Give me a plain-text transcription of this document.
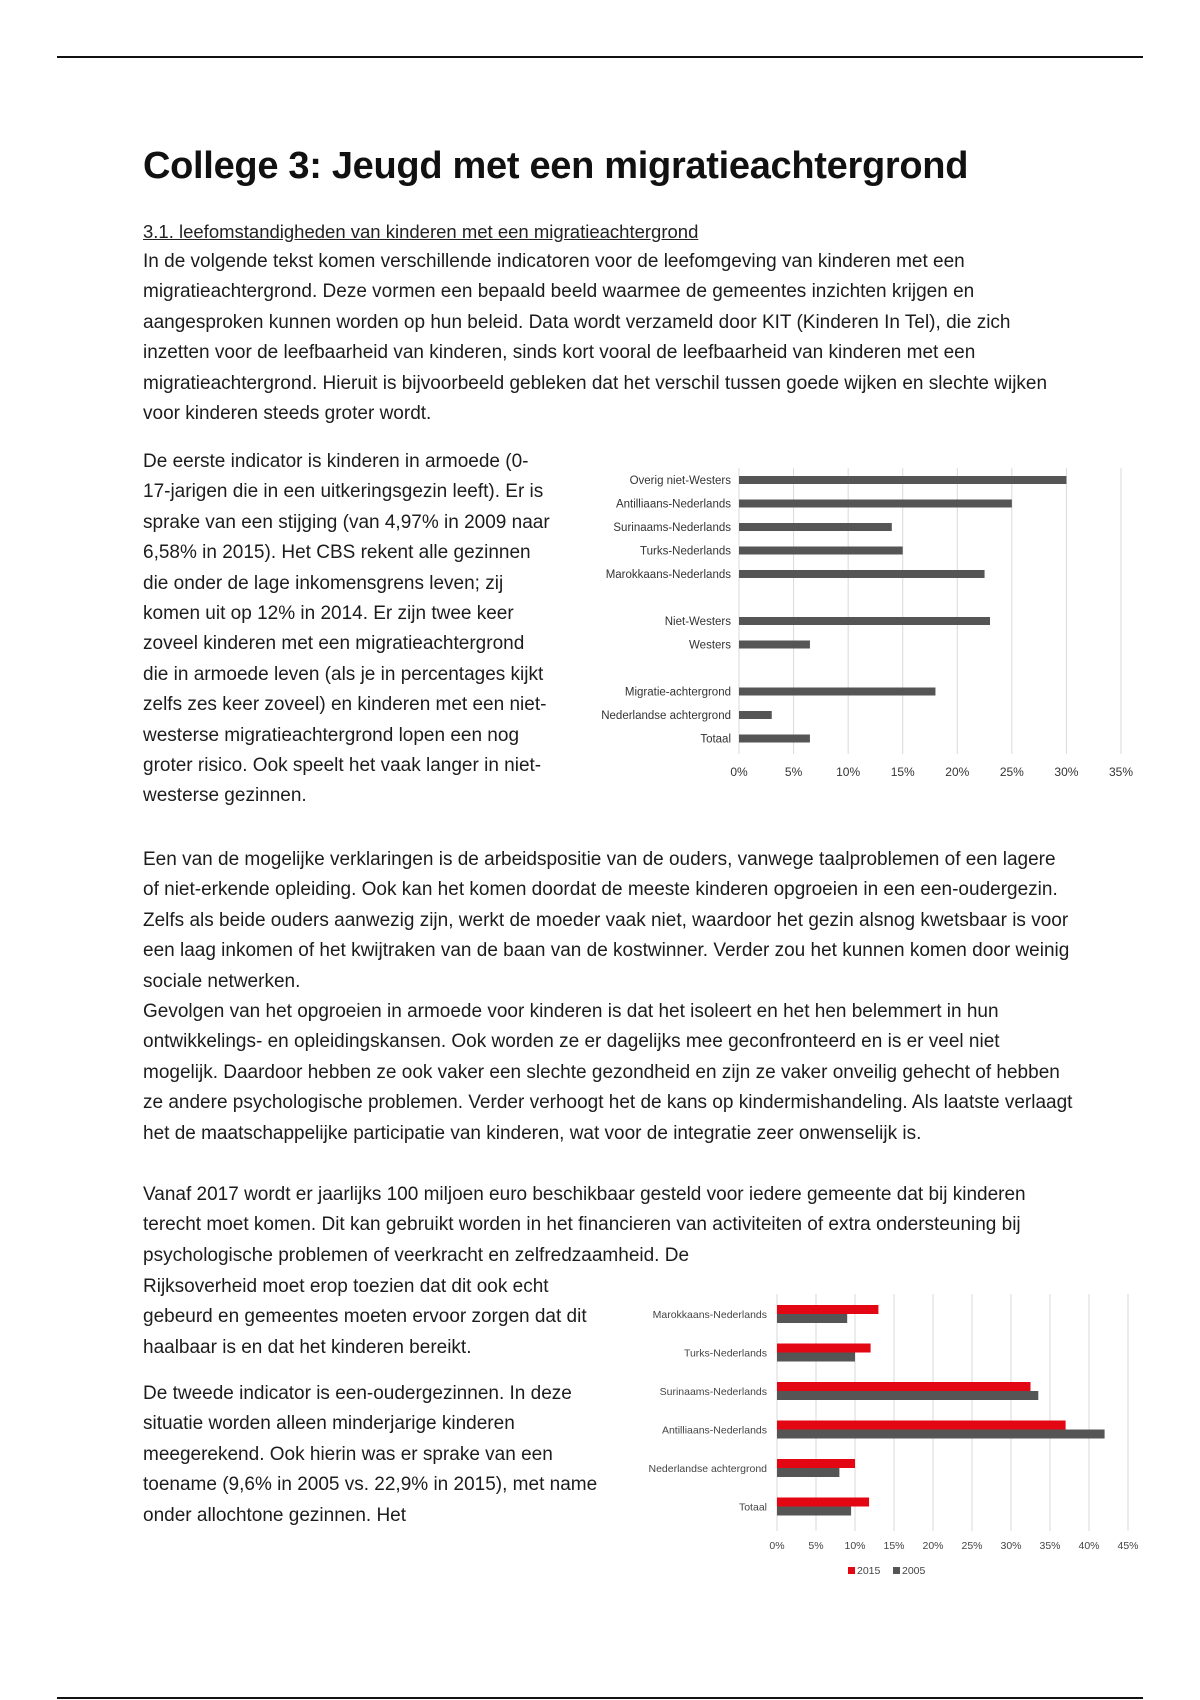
College 3: Jeugd met een migratieachtergrond
3.1. leefomstandigheden van kinderen met een migratieachtergrond

In de volgende tekst komen verschillende indicatoren voor de leefomgeving van kinderen met een migratieachtergrond. Deze vormen een bepaald beeld waarmee de gemeentes inzichten krijgen en aangesproken kunnen worden op hun beleid. Data wordt verzameld door KIT (Kinderen In Tel), die zich inzetten voor de leefbaarheid van kinderen, sinds kort vooral de leefbaarheid van kinderen met een migratieachtergrond. Hieruit is bijvoorbeeld gebleken dat het verschil tussen goede wijken en slechte wijken voor kinderen steeds groter wordt.

De eerste indicator is kinderen in armoede (0-17-jarigen die in een uitkeringsgezin leeft). Er is sprake van een stijging (van 4,97% in 2009 naar 6,58% in 2015). Het CBS rekent alle gezinnen die onder de lage inkomensgrens leven; zij komen uit op 12% in 2014. Er zijn twee keer zoveel kinderen met een migratieachtergrond die in armoede leven (als je in percentages kijkt zelfs zes keer zoveel) en kinderen met een niet-westerse migratieachtergrond lopen een nog groter risico. Ook speelt het vaak langer in niet-westerse gezinnen.

0%	5%	10%	15%	20%	25%	30%	35%
Overig niet-Westers
Antilliaans-Nederlands
Surinaams-Nederlands
Turks-Nederlands
Marokkaans-Nederlands
Niet-Westers
Westers
Migratie-achtergrond
Nederlandse achtergrond
Totaal

Een van de mogelijke verklaringen is de arbeidspositie van de ouders, vanwege taalproblemen of een lagere of niet-erkende opleiding. Ook kan het komen doordat de meeste kinderen opgroeien in een een-oudergezin. Zelfs als beide ouders aanwezig zijn, werkt de moeder vaak niet, waardoor het gezin alsnog kwetsbaar is voor een laag inkomen of het kwijtraken van de baan van de kostwinner. Verder zou het kunnen komen door weinig sociale netwerken.

Gevolgen van het opgroeien in armoede voor kinderen is dat het isoleert en het hen belemmert in hun ontwikkelings- en opleidingskansen. Ook worden ze er dagelijks mee geconfronteerd en is er veel niet mogelijk. Daardoor hebben ze ook vaker een slechte gezondheid en zijn ze vaker onveilig gehecht of hebben ze andere psychologische problemen. Verder verhoogt het de kans op kindermishandeling. Als laatste verlaagt het de maatschappelijke participatie van kinderen, wat voor de integratie zeer onwenselijk is.

Vanaf 2017 wordt er jaarlijks 100 miljoen euro beschikbaar gesteld voor iedere gemeente dat bij kinderen terecht moet komen. Dit kan gebruikt worden in het financieren van activiteiten of extra ondersteuning bij psychologische problemen of veerkracht en zelfredzaamheid. De

Rijksoverheid moet erop toezien dat dit ook echt gebeurd en gemeentes moeten ervoor zorgen dat dit haalbaar is en dat het kinderen bereikt.

De tweede indicator is een-oudergezinnen. In deze situatie worden alleen minderjarige kinderen meegerekend. Ook hierin was er sprake van een toename (9,6% in 2005 vs. 22,9% in 2015), met name onder allochtone gezinnen. Het

0% 5% 10% 15% 20% 25% 30% 35% 40% 45%
Marokkaans-Nederlands
Turks-Nederlands
Surinaams-Nederlands
Antilliaans-Nederlands
Nederlandse achtergrond
Totaal
2015 2005
